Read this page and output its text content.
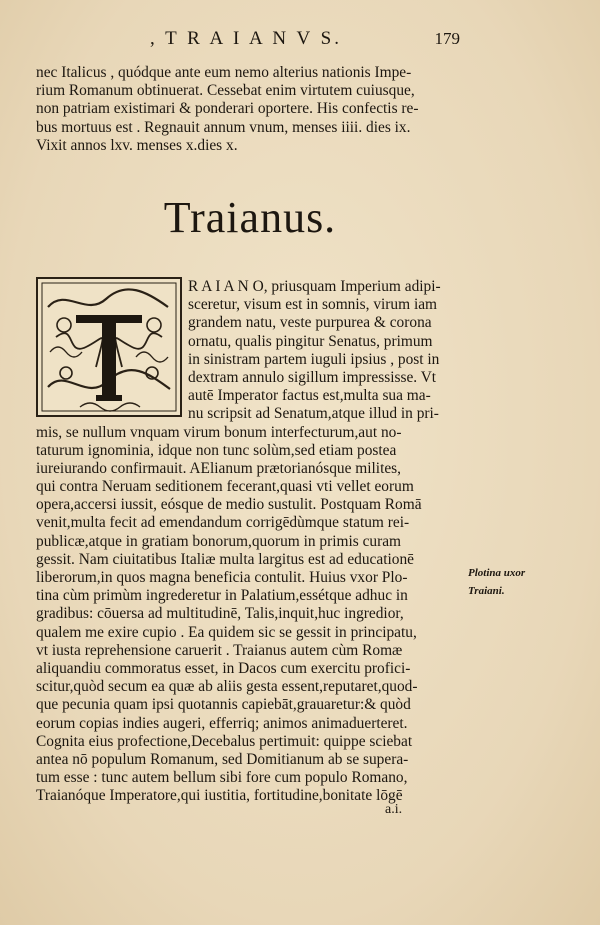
, T R A I A N V S.	179
nec Italicus , quódque ante eum nemo alterius nationis Impe-
rium Romanum obtinuerat. Cessebat enim virtutem cuiusque,
non patriam existimari & ponderari oportere. His confectis re-
bus mortuus est . Regnauit annum vnum, menses iiii. dies ix.
Vixit annos lxv. menses x.dies x.
Traianus.
R A I A N O, priusquam Imperium adipi-
sceretur, visum est in somnis, virum iam
grandem natu, veste purpurea & corona
ornatu, qualis pingitur Senatus, primum
in sinistram partem iuguli ipsius , post in
dextram annulo sigillum impressisse. Vt
autē Imperator factus est,multa sua ma-
nu scripsit ad Senatum,atque illud in pri-
mis, se nullum vnquam virum bonum interfecturum,aut no-
taturum ignominia, idque non tunc solùm,sed etiam postea
iureiurando confirmauit. AElianum prætorianósque milites,
qui contra Neruam seditionem fecerant,quasi vti vellet eorum
opera,accersi iussit, eósque de medio sustulit. Postquam Romā
venit,multa fecit ad emendandum corrigēdùmque statum rei-
publicæ,atque in gratiam bonorum,quorum in primis curam
gessit. Nam ciuitatibus Italiæ multa largitus est ad educationē
liberorum,in quos magna beneficia contulit. Huius vxor Plo-
tina cùm primùm ingrederetur in Palatium,essétque adhuc in
gradibus: cōuersa ad multitudinē, Talis,inquit,huc ingredior,
qualem me exire cupio . Ea quidem sic se gessit in principatu,
vt iusta reprehensione caruerit . Traianus autem cùm Romæ
aliquandiu commoratus esset, in Dacos cum exercitu profici-
scitur,quòd secum ea quæ ab aliis gesta essent,reputaret,quod-
que pecunia quam ipsi quotannis capiebāt,grauaretur:& quòd
eorum copias indies augeri, efferriq; animos animaduerteret.
Cognita eius profectione,Decebalus pertimuit: quippe sciebat
antea nō populum Romanum, sed Domitianum ab se supera-
tum esse : tunc autem bellum sibi fore cum populo Romano,
Traianóque Imperatore,qui iustitia, fortitudine,bonitate lōgē
Plotina uxor
Traiani.
a.i.
